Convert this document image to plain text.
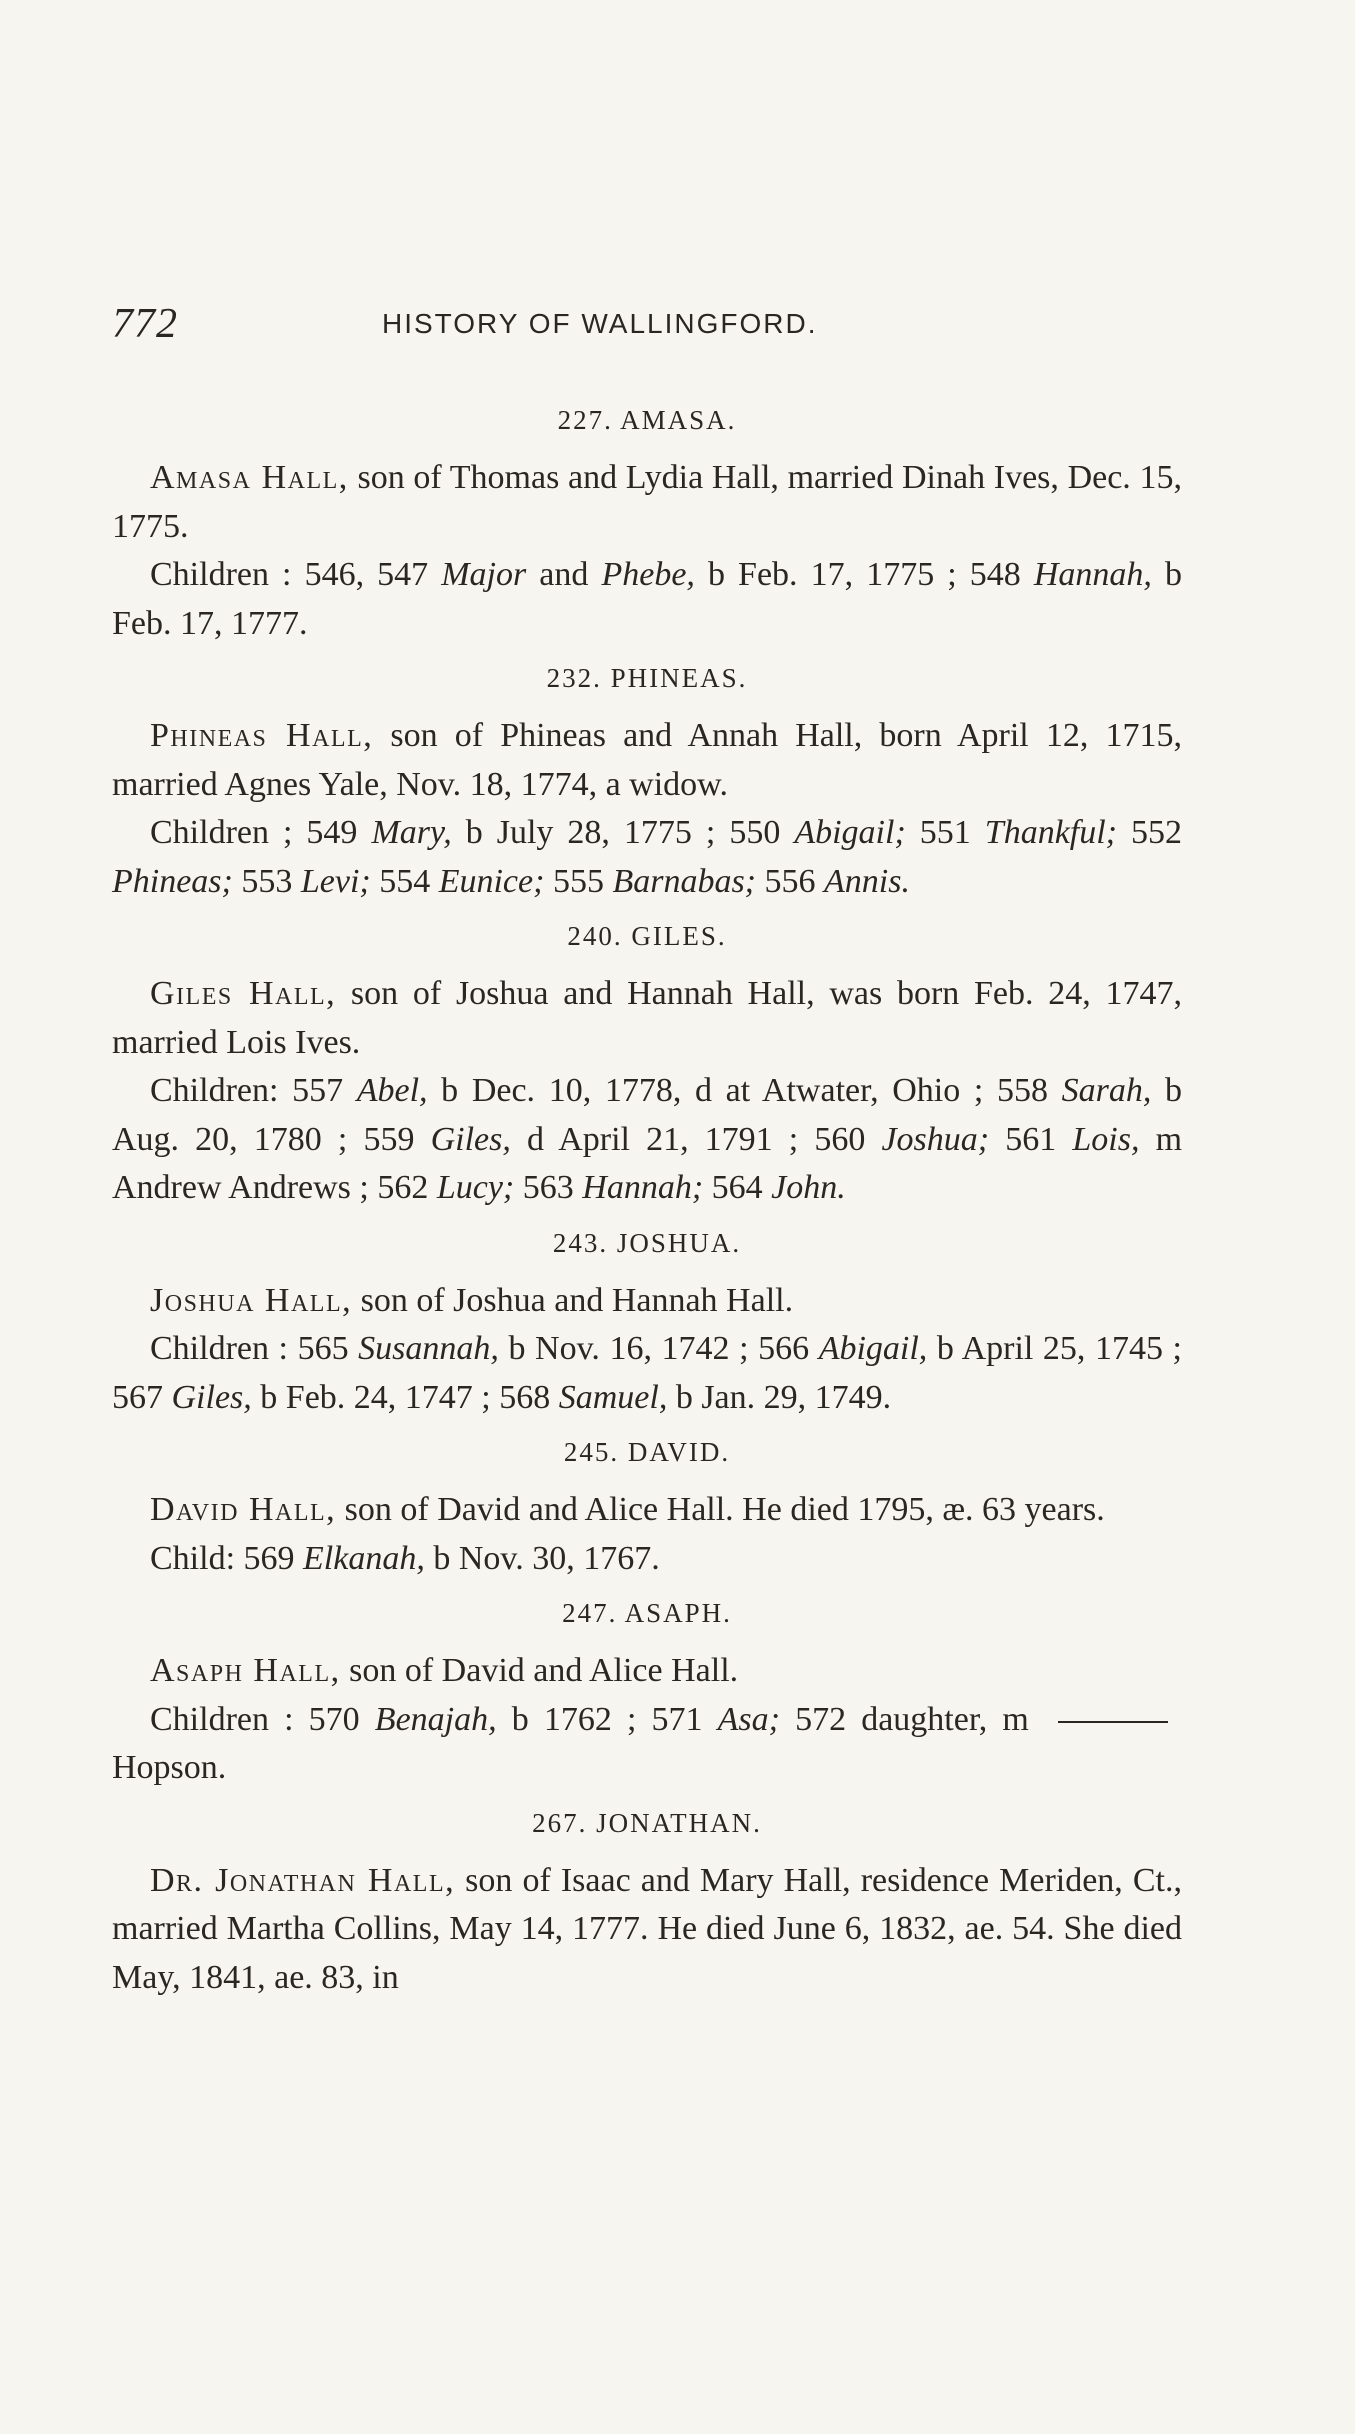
772	HISTORY OF WALLINGFORD.
227. AMASA.

Amasa Hall, son of Thomas and Lydia Hall, married Dinah Ives, Dec. 15, 1775.

Children : 546, 547 Major and Phebe, b Feb. 17, 1775 ; 548 Hannah, b Feb. 17, 1777.

232. PHINEAS.

Phineas Hall, son of Phineas and Annah Hall, born April 12, 1715, married Agnes Yale, Nov. 18, 1774, a widow.

Children ; 549 Mary, b July 28, 1775 ; 550 Abigail; 551 Thankful; 552 Phineas; 553 Levi; 554 Eunice; 555 Barnabas; 556 Annis.

240. GILES.

Giles Hall, son of Joshua and Hannah Hall, was born Feb. 24, 1747, married Lois Ives.

Children: 557 Abel, b Dec. 10, 1778, d at Atwater, Ohio ; 558 Sarah, b Aug. 20, 1780 ; 559 Giles, d April 21, 1791 ; 560 Joshua; 561 Lois, m Andrew Andrews ; 562 Lucy; 563 Hannah; 564 John.

243. JOSHUA.

Joshua Hall, son of Joshua and Hannah Hall.

Children : 565 Susannah, b Nov. 16, 1742 ; 566 Abigail, b April 25, 1745 ; 567 Giles, b Feb. 24, 1747 ; 568 Samuel, b Jan. 29, 1749.

245. DAVID.

David Hall, son of David and Alice Hall. He died 1795, æ. 63 years.

Child: 569 Elkanah, b Nov. 30, 1767.

247. ASAPH.

Asaph Hall, son of David and Alice Hall.

Children : 570 Benajah, b 1762 ; 571 Asa; 572 daughter, m Hopson.

267. JONATHAN.

Dr. Jonathan Hall, son of Isaac and Mary Hall, residence Meriden, Ct., married Martha Collins, May 14, 1777. He died June 6, 1832, ae. 54. She died May, 1841, ae. 83, in
